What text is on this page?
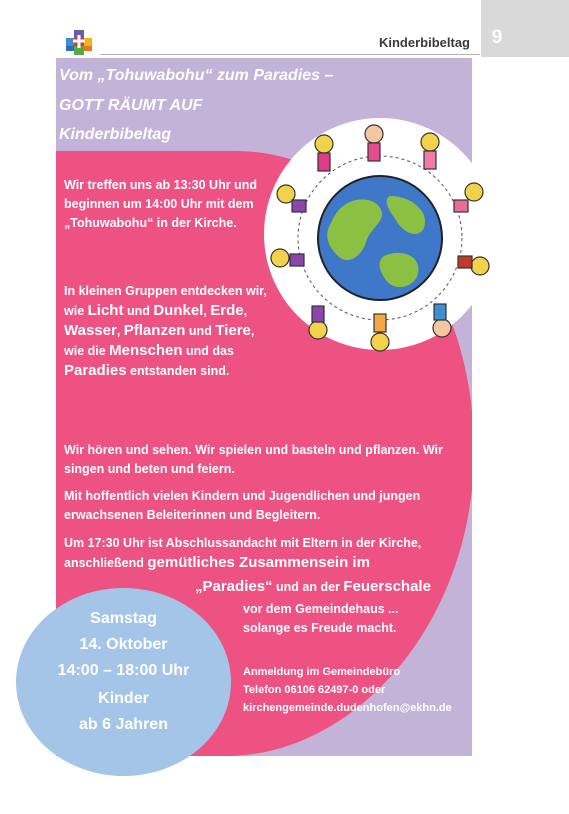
Kinderbibeltag	9
Vom „Tohuwabohu“ zum Paradies –
GOTT RÄUMT AUF
Kinderbibeltag

Wir treffen uns ab 13:30 Uhr und beginnen um 14:00 Uhr mit dem „Tohuwabohu“ in der Kirche.

In kleinen Gruppen entdecken wir, wie Licht und Dunkel, Erde, Wasser, Pflanzen und Tiere, wie die Menschen und das Paradies entstanden sind.

Wir hören und sehen. Wir spielen und basteln und pflanzen. Wir singen und beten und feiern.

Mit hoffentlich vielen Kindern und Jugendlichen und jungen erwachsenen Beleiterinnen und Begleitern.

Um 17:30 Uhr ist Abschlussandacht mit Eltern in der Kirche, anschließend gemütliches Zusammensein im

„Paradies“ und an der Feuerschale

vor dem Gemeindehaus ... solange es Freude macht.

Anmeldung im Gemeindebüro
Telefon 06106 62497-0 oder
kirchengemeinde.dudenhofen@ekhn.de
Samstag
14. Oktober
14:00 – 18:00 Uhr
Kinder
ab 6 Jahren
